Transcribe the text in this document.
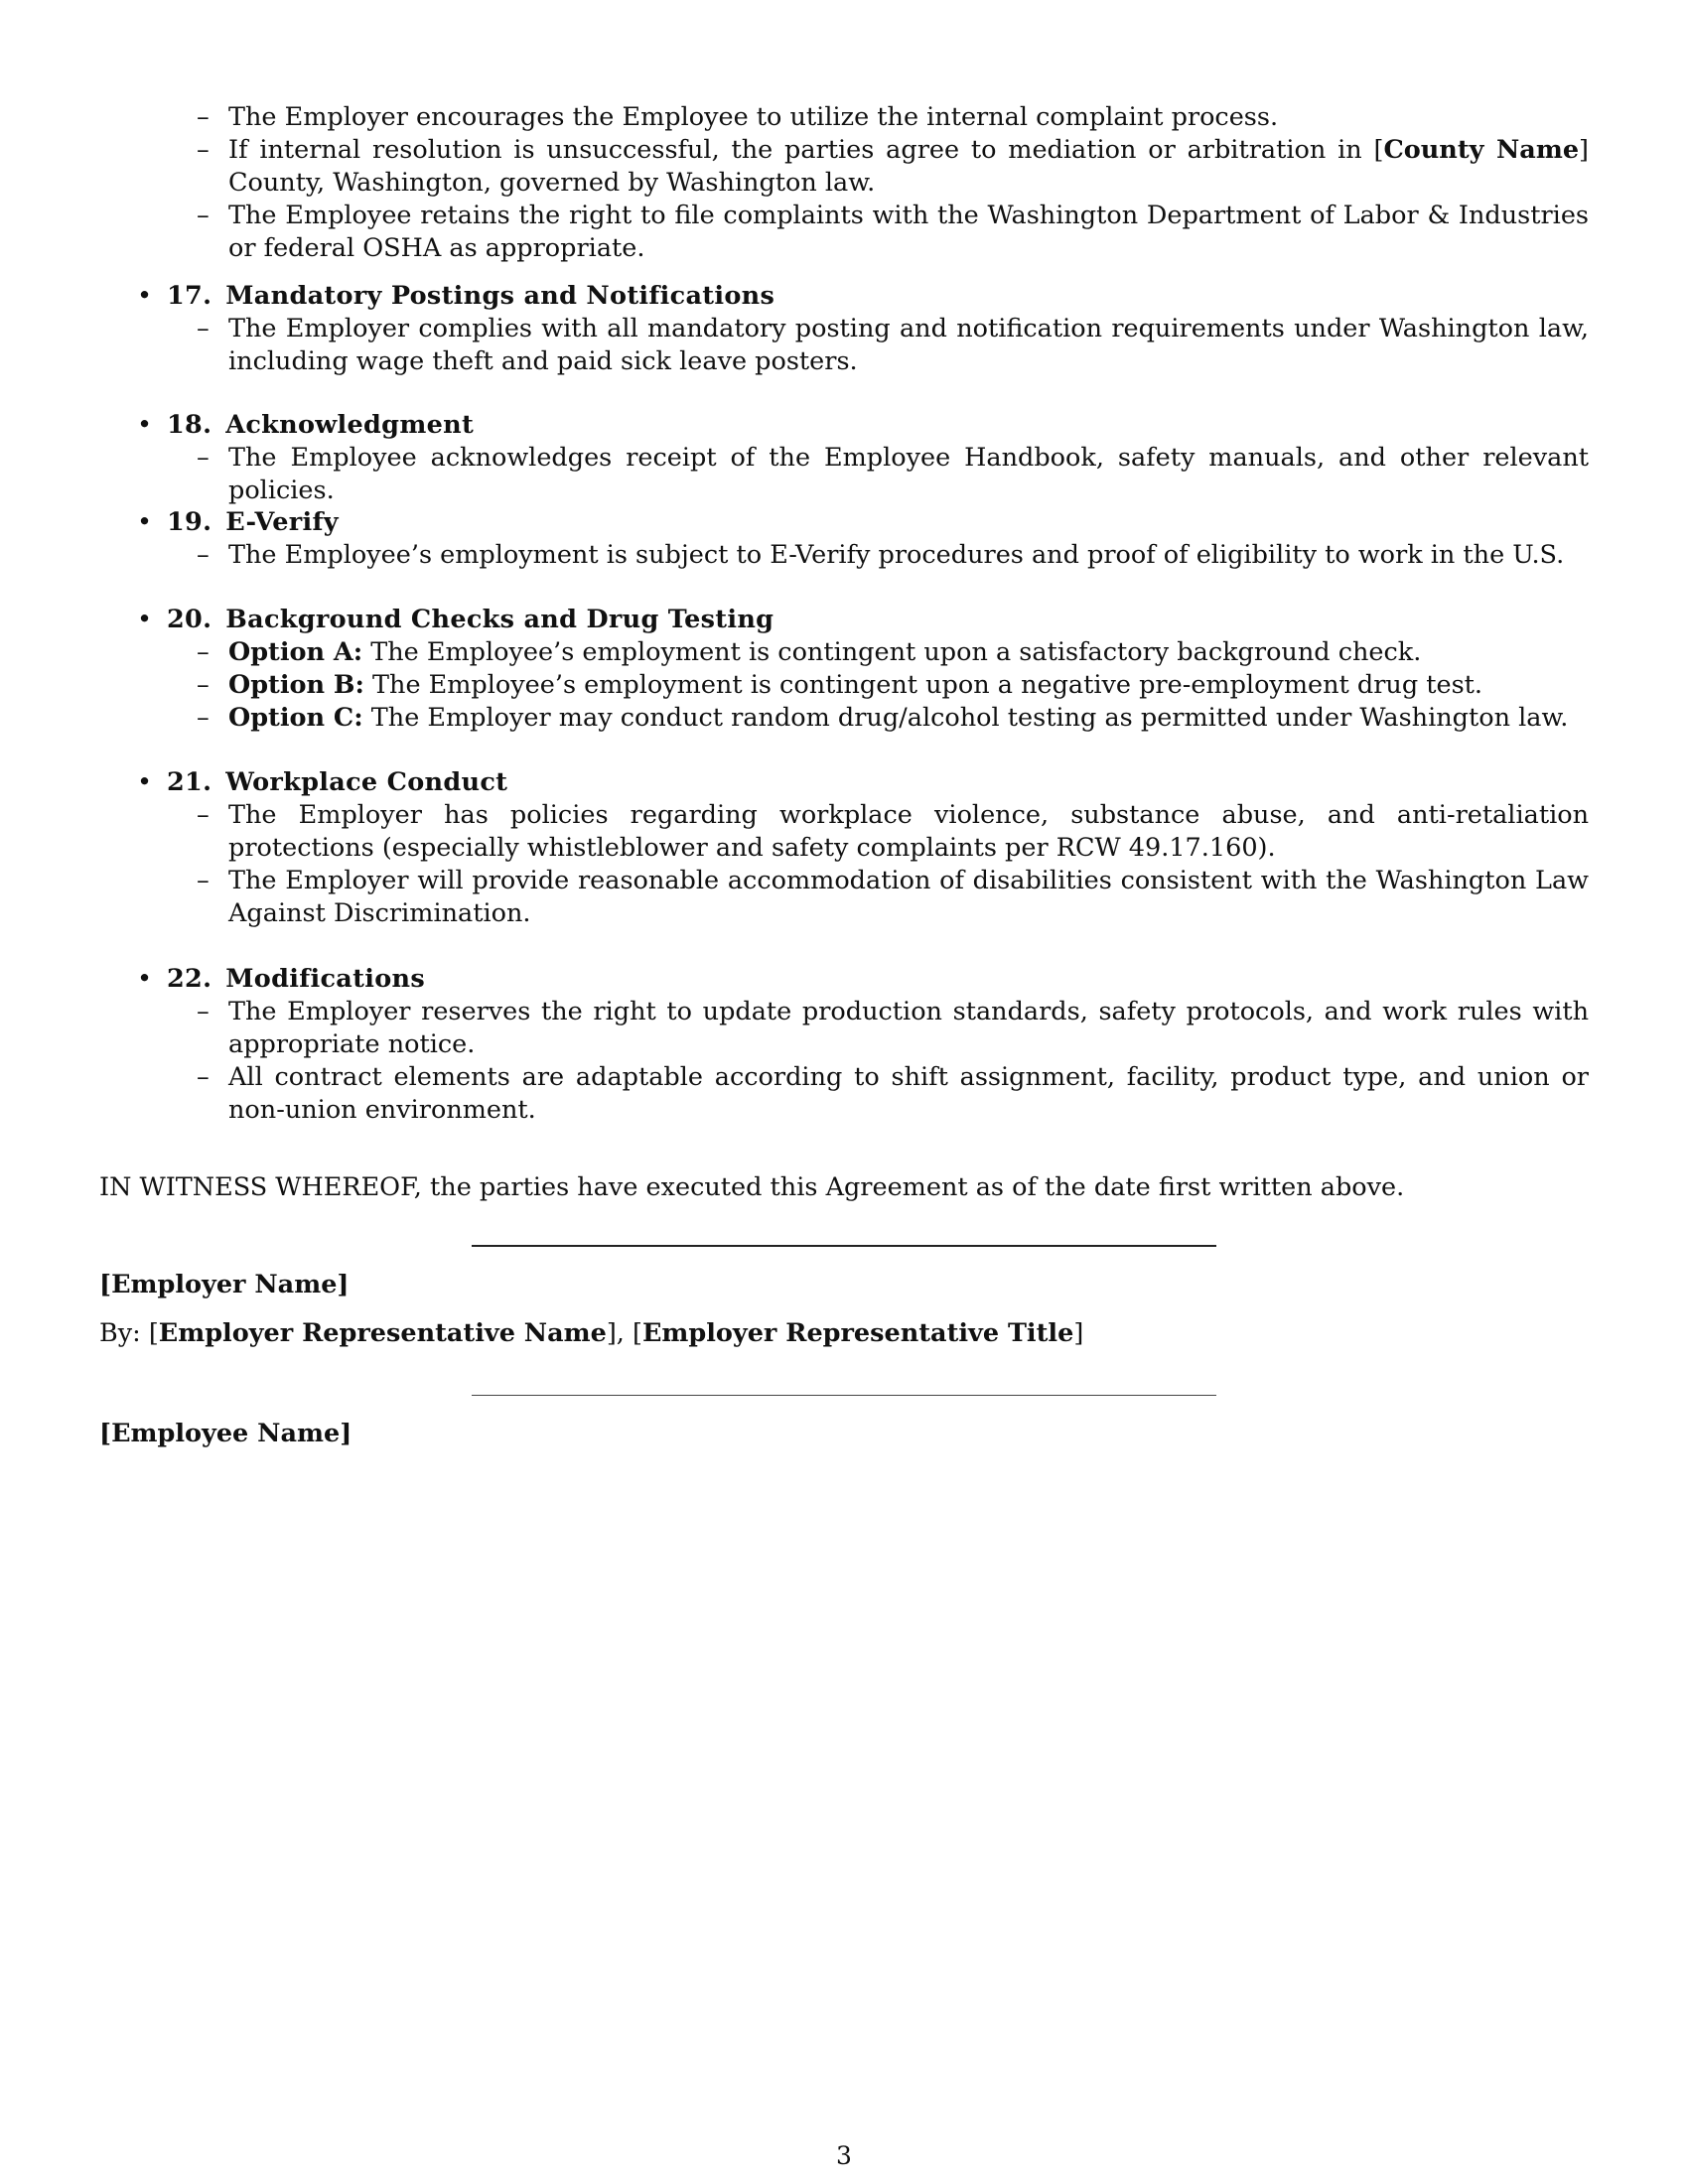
– The Employer encourages the Employee to utilize the internal complaint process.
– If internal resolution is unsuccessful, the parties agree to mediation or arbitration in [County Name] County, Washington, governed by Washington law.
– The Employee retains the right to file complaints with the Washington Department of Labor & Industries or federal OSHA as appropriate.
• 17. Mandatory Postings and Notifications
– The Employer complies with all mandatory posting and notification requirements under Washington law, including wage theft and paid sick leave posters.
• 18. Acknowledgment
– The Employee acknowledges receipt of the Employee Handbook, safety manuals, and other relevant policies.
• 19. E-Verify
– The Employee’s employment is subject to E-Verify procedures and proof of eligibility to work in the U.S.
• 20. Background Checks and Drug Testing
– Option A: The Employee’s employment is contingent upon a satisfactory background check.
– Option B: The Employee’s employment is contingent upon a negative pre-employment drug test.
– Option C: The Employer may conduct random drug/alcohol testing as permitted under Washington law.
• 21. Workplace Conduct
– The Employer has policies regarding workplace violence, substance abuse, and anti-retaliation protections (especially whistleblower and safety complaints per RCW 49.17.160).
– The Employer will provide reasonable accommodation of disabilities consistent with the Washington Law Against Discrimination.
• 22. Modifications
– The Employer reserves the right to update production standards, safety protocols, and work rules with appropriate notice.
– All contract elements are adaptable according to shift assignment, facility, product type, and union or non-union environment.
IN WITNESS WHEREOF, the parties have executed this Agreement as of the date first written above.
[Employer Name]
By: [Employer Representative Name], [Employer Representative Title]
[Employee Name]
3
